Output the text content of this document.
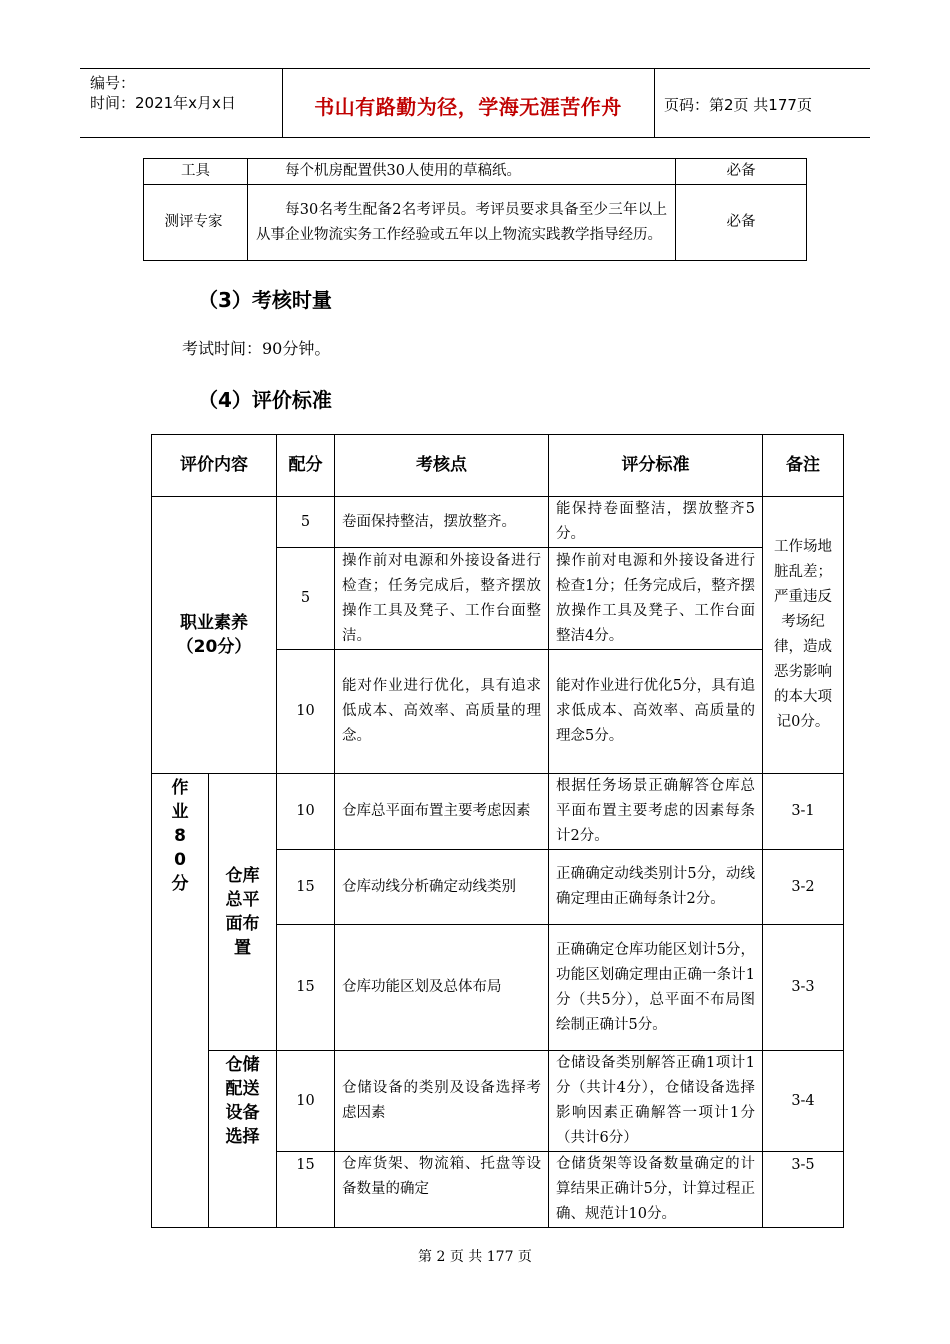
编号：
时间：2021年x月x日	书山有路勤为径，学海无涯苦作舟	页码：第2页 共177页
工具	每个机房配置供30人使用的草稿纸。	必备

测评专家	每30名考生配备2名考评员。考评员要求具备至少三年以上从事企业物流实务工作经验或五年以上物流实践教学指导经历。	必备
（3）考核时量
考试时间：90分钟。
（4）评价标准
评价内容		配分	考核点	评分标准	备注

职业素养
（20分）		5	卷面保持整洁，摆放整齐。	能保持卷面整洁，摆放整齐5分。	工作场地脏乱差；严重违反考场纪律，造成恶劣影响的本大项记0分。
		5	操作前对电源和外接设备进行检查；任务完成后，整齐摆放操作工具及凳子、工作台面整洁。	操作前对电源和外接设备进行检查1分；任务完成后，整齐摆放操作工具及凳子、工作台面整洁4分。	
		10	能对作业进行优化，具有追求低成本、高效率、高质量的理念。	能对作业进行优化5分，具有追求低成本、高效率、高质量的理念5分。	

作业80分	仓库总平面布置	10	仓库总平面布置主要考虑因素	根据任务场景正确解答仓库总平面布置主要考虑的因素每条计2分。	3-1
		15	仓库动线分析确定动线类别	正确确定动线类别计5分，动线确定理由正确每条计2分。	3-2
		15	仓库功能区划及总体布局	正确确定仓库功能区划计5分，功能区划确定理由正确一条计1分（共5分），总平面不布局图绘制正确计5分。	3-3

	仓储配送设备选择	10	仓储设备的类别及设备选择考虑因素	仓储设备类别解答正确1项计1分（共计4分），仓储设备选择影响因素正确解答一项计1分（共计6分）	3-4
		15	仓库货架、物流箱、托盘等设备数量的确定	仓储货架等设备数量确定的计算结果正确计5分，计算过程正确、规范计10分。	3-5
第 2 页 共 177 页
